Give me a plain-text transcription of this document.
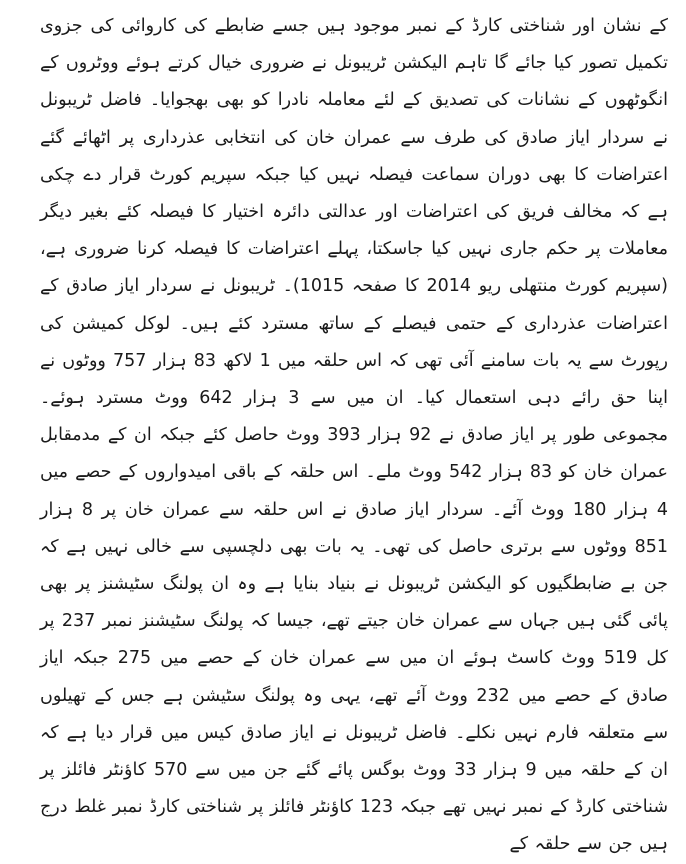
کے نشان اور شناختی کارڈ کے نمبر موجود ہیں جسے ضابطے کی کاروائی کی جزوی تکمیل تصور کیا جائے گا تاہم الیکشن ٹریبونل نے ضروری خیال کرتے ہوئے ووٹروں کے انگوٹھوں کے نشانات کی تصدیق کے لئے معاملہ نادرا کو بھی بھجوایا۔ فاضل ٹریبونل نے سردار ایاز صادق کی طرف سے عمران خان کی انتخابی عذرداری پر اٹھائے گئے اعتراضات کا بھی دوران سماعت فیصلہ نہیں کیا جبکہ سپریم کورٹ قرار دے چکی ہے کہ مخالف فریق کی اعتراضات اور عدالتی دائرہ اختیار کا فیصلہ کئے بغیر دیگر معاملات پر حکم جاری نہیں کیا جاسکتا، پہلے اعتراضات کا فیصلہ کرنا ضروری ہے، (سپریم کورٹ منتھلی ریو 2014 کا صفحہ 1015)۔ ٹریبونل نے سردار ایاز صادق کے اعتراضات عذرداری کے حتمی فیصلے کے ساتھ مسترد کئے ہیں۔ لوکل کمیشن کی رپورٹ سے یہ بات سامنے آئی تھی کہ اس حلقہ میں 1 لاکھ 83 ہزار 757 ووٹوں نے اپنا حق رائے دہی استعمال کیا۔ ان میں سے 3 ہزار 642 ووٹ مسترد ہوئے۔ مجموعی طور پر ایاز صادق نے 92 ہزار 393 ووٹ حاصل کئے جبکہ ان کے مدمقابل عمران خان کو 83 ہزار 542 ووٹ ملے۔ اس حلقہ کے باقی امیدواروں کے حصے میں 4 ہزار 180 ووٹ آئے۔ سردار ایاز صادق نے اس حلقہ سے عمران خان پر 8 ہزار 851 ووٹوں سے برتری حاصل کی تھی۔ یہ بات بھی دلچسپی سے خالی نہیں ہے کہ جن بے ضابطگیوں کو الیکشن ٹریبونل نے بنیاد بنایا ہے وہ ان پولنگ سٹیشنز پر بھی پائی گئی ہیں جہاں سے عمران خان جیتے تھے، جیسا کہ پولنگ سٹیشنز نمبر 237 پر کل 519 ووٹ کاسٹ ہوئے ان میں سے عمران خان کے حصے میں 275 جبکہ ایاز صادق کے حصے میں 232 ووٹ آئے تھے، یہی وہ پولنگ سٹیشن ہے جس کے تھیلوں سے متعلقہ فارم نہیں نکلے۔ فاضل ٹریبونل نے ایاز صادق کیس میں قرار دیا ہے کہ ان کے حلقہ میں 9 ہزار 33 ووٹ بوگس پائے گئے جن میں سے 570 کاؤنٹر فائلز پر شناختی کارڈ کے نمبر نہیں تھے جبکہ 123 کاؤنٹر فائلز پر شناختی کارڈ نمبر غلط درج ہیں جن سے حلقہ کے
